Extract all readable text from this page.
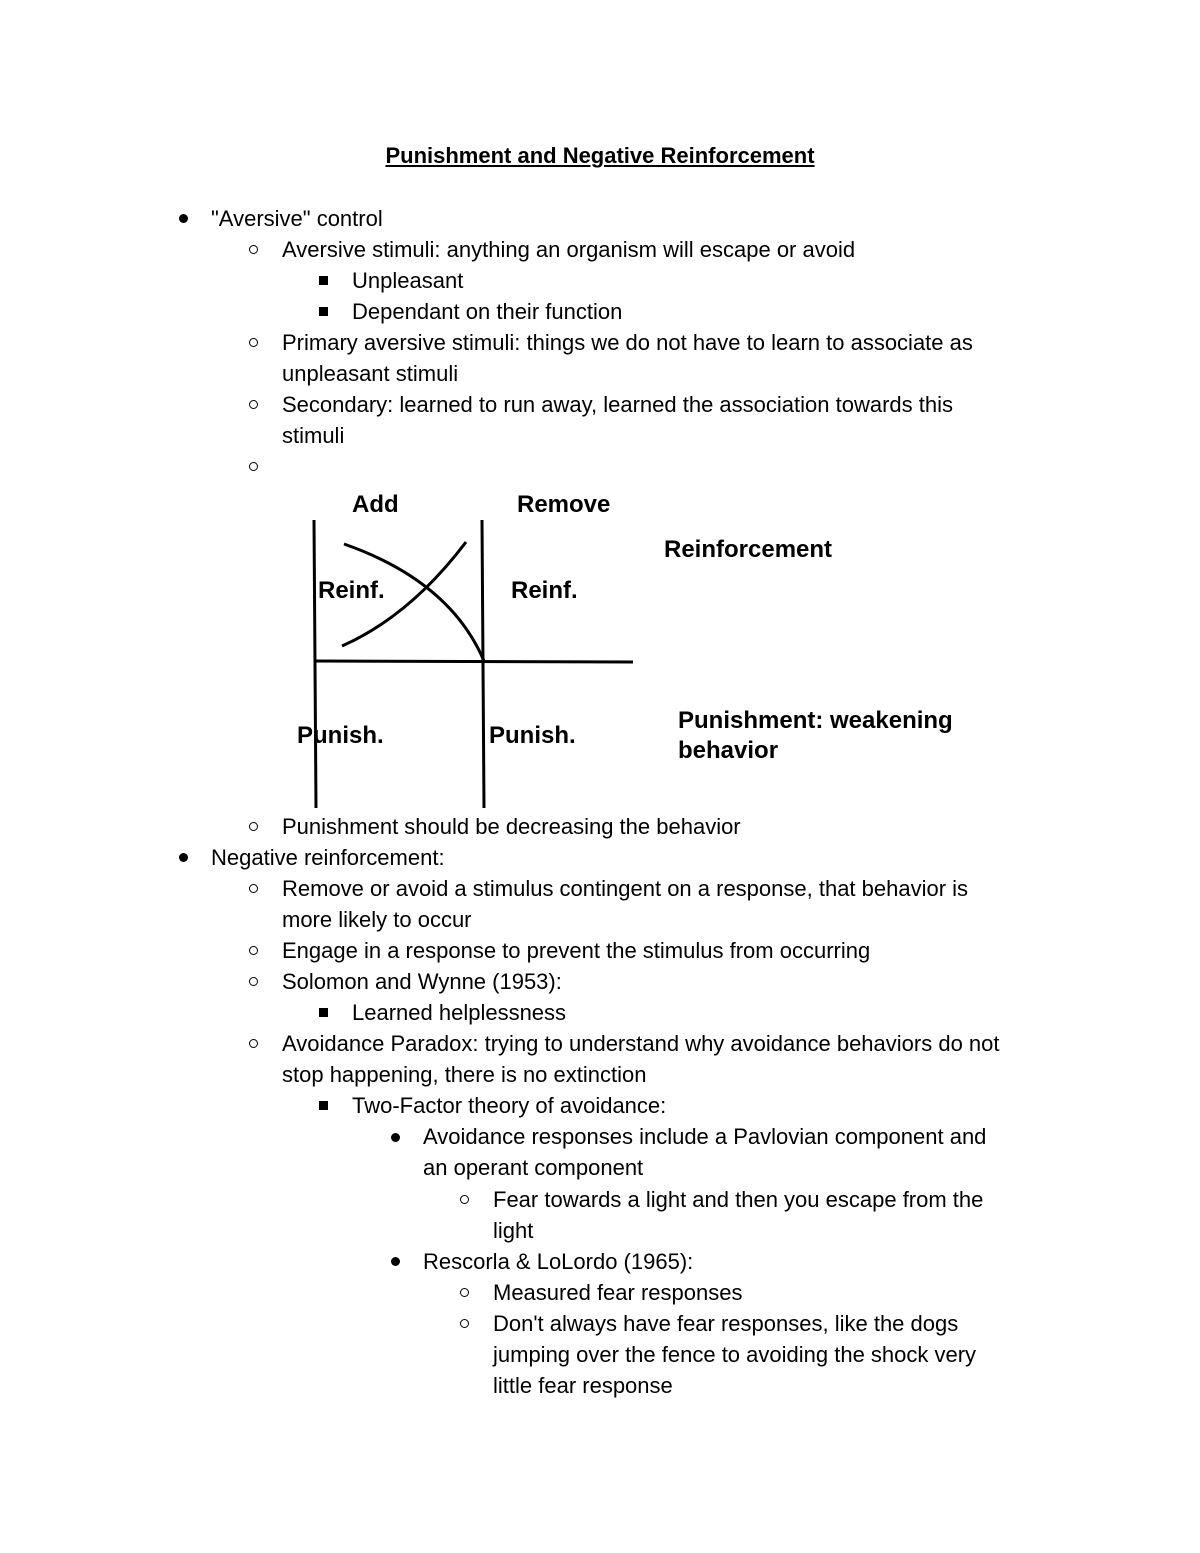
Punishment and Negative Reinforcement
"Aversive" control
Aversive stimuli: anything an organism will escape or avoid
Unpleasant
Dependant on their function
Primary aversive stimuli: things we do not have to learn to associate as
unpleasant stimuli
Secondary: learned to run away, learned the association towards this
stimuli
Add	Remove
Reinf.	Reinf.
Punish.	Punish.
Reinforcement
Punishment: weakening
behavior
Punishment should be decreasing the behavior
Negative reinforcement:
Remove or avoid a stimulus contingent on a response, that behavior is
more likely to occur
Engage in a response to prevent the stimulus from occurring
Solomon and Wynne (1953):
Learned helplessness
Avoidance Paradox: trying to understand why avoidance behaviors do not
stop happening, there is no extinction
Two-Factor theory of avoidance:
Avoidance responses include a Pavlovian component and
an operant component
Fear towards a light and then you escape from the
light
Rescorla & LoLordo (1965):
Measured fear responses
Don't always have fear responses, like the dogs
jumping over the fence to avoiding the shock very
little fear response
